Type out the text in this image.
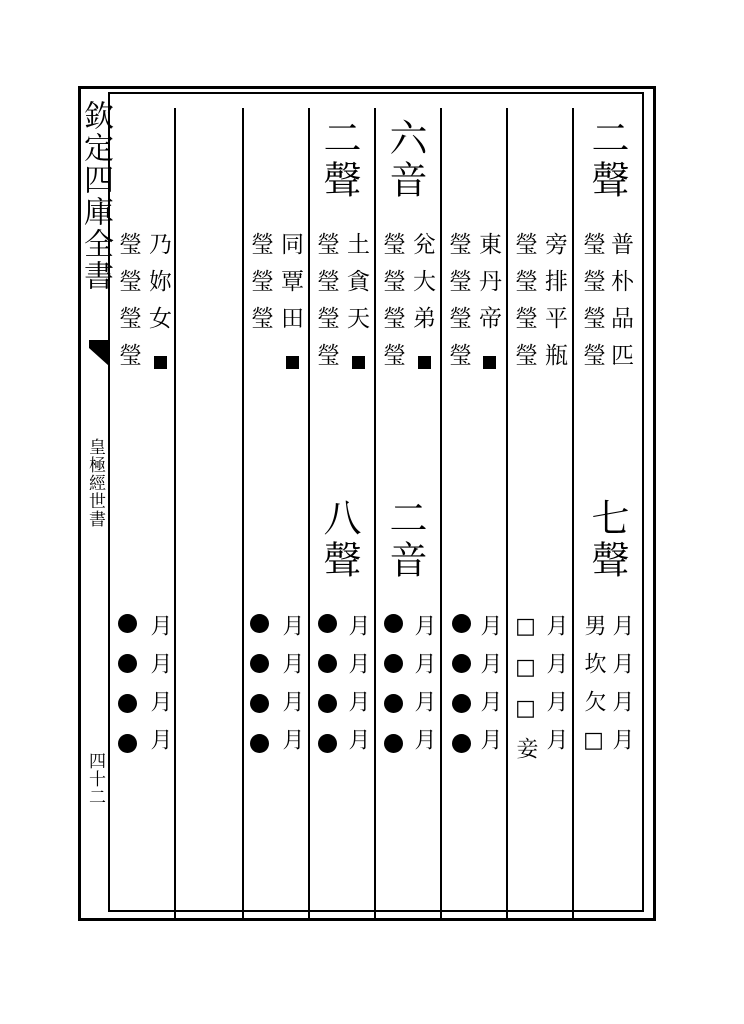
欽定四庫全書
皇極經世書
四十二
二聲
普朴品匹
瑩瑩瑩瑩
七聲
月月月月
男坎欠□
旁排平瓶
瑩瑩瑩瑩
月月月月
□□□妾
東丹帝
瑩瑩瑩瑩
月月月月
六音
兊大弟
瑩瑩瑩瑩
二音
月月月月
二聲
土貪天
瑩瑩瑩瑩
八聲
月月月月
同覃田
瑩瑩瑩
月月月月
乃妳女
瑩瑩瑩瑩
月月月月
